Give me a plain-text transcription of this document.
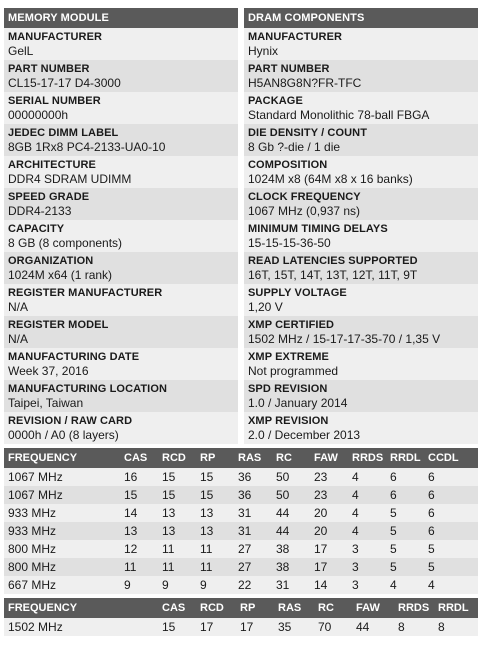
MEMORY MODULE
MANUFACTURER
GelL
PART NUMBER
CL15-17-17 D4-3000
SERIAL NUMBER
00000000h
JEDEC DIMM LABEL
8GB 1Rx8 PC4-2133-UA0-10
ARCHITECTURE
DDR4 SDRAM UDIMM
SPEED GRADE
DDR4-2133
CAPACITY
8 GB (8 components)
ORGANIZATION
1024M x64 (1 rank)
REGISTER MANUFACTURER
N/A
REGISTER MODEL
N/A
MANUFACTURING DATE
Week 37, 2016
MANUFACTURING LOCATION
Taipei, Taiwan
REVISION / RAW CARD
0000h / A0 (8 layers)
DRAM COMPONENTS
MANUFACTURER
Hynix
PART NUMBER
H5AN8G8N?FR-TFC
PACKAGE
Standard Monolithic 78-ball FBGA
DIE DENSITY / COUNT
8 Gb ?-die / 1 die
COMPOSITION
1024M x8 (64M x8 x 16 banks)
CLOCK FREQUENCY
1067 MHz (0,937 ns)
MINIMUM TIMING DELAYS
15-15-15-36-50
READ LATENCIES SUPPORTED
16T, 15T, 14T, 13T, 12T, 11T, 9T
SUPPLY VOLTAGE
1,20 V
XMP CERTIFIED
1502 MHz / 15-17-17-35-70 / 1,35 V
XMP EXTREME
Not programmed
SPD REVISION
1.0 / January 2014
XMP REVISION
2.0 / December 2013
FREQUENCY	CAS	RCD	RP	RAS	RC	FAW	RRDS	RRDL	CCDL
1067 MHz	16	15	15	36	50	23	4	6	6
1067 MHz	15	15	15	36	50	23	4	6	6
933 MHz	14	13	13	31	44	20	4	5	6
933 MHz	13	13	13	31	44	20	4	5	6
800 MHz	12	11	11	27	38	17	3	5	5
800 MHz	11	11	11	27	38	17	3	5	5
667 MHz	9	9	9	22	31	14	3	4	4
FREQUENCY	CAS	RCD	RP	RAS	RC	FAW	RRDS	RRDL
1502 MHz	15	17	17	35	70	44	8	8
